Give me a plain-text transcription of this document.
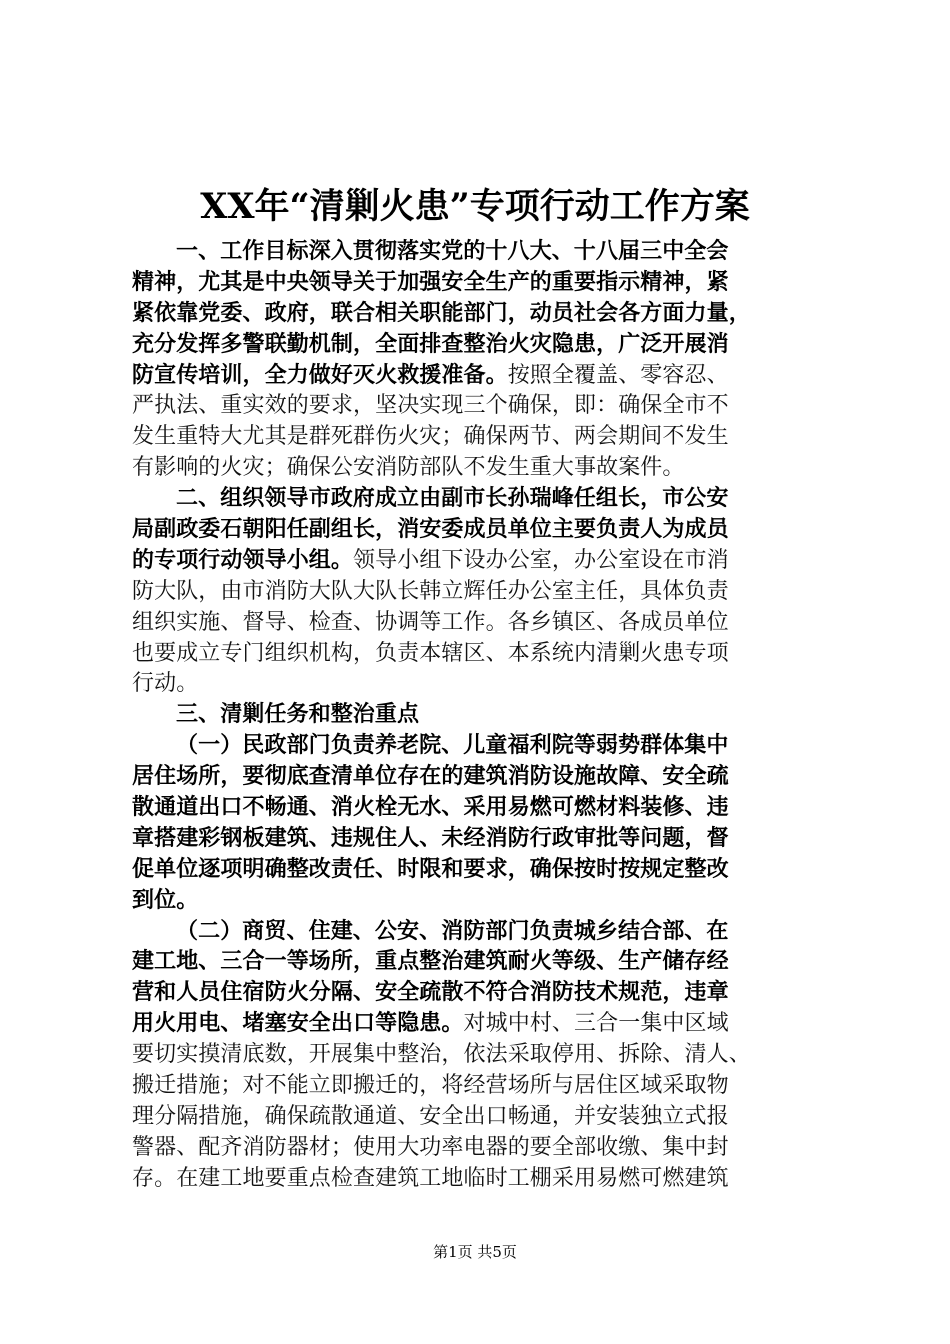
XX年“清剿火患”专项行动工作方案
一、工作目标深入贯彻落实党的十八大、十八届三中全会
精神，尤其是中央领导关于加强安全生产的重要指示精神，紧
紧依靠党委、政府，联合相关职能部门，动员社会各方面力量，
充分发挥多警联勤机制，全面排查整治火灾隐患，广泛开展消
防宣传培训，全力做好灭火救援准备。按照全覆盖、零容忍、
严执法、重实效的要求，坚决实现三个确保，即：确保全市不
发生重特大尤其是群死群伤火灾；确保两节、两会期间不发生
有影响的火灾；确保公安消防部队不发生重大事故案件。
二、组织领导市政府成立由副市长孙瑞峰任组长，市公安
局副政委石朝阳任副组长，消安委成员单位主要负责人为成员
的专项行动领导小组。领导小组下设办公室，办公室设在市消
防大队，由市消防大队大队长韩立辉任办公室主任，具体负责
组织实施、督导、检查、协调等工作。各乡镇区、各成员单位
也要成立专门组织机构，负责本辖区、本系统内清剿火患专项
行动。
三、清剿任务和整治重点
（一）民政部门负责养老院、儿童福利院等弱势群体集中
居住场所，要彻底查清单位存在的建筑消防设施故障、安全疏
散通道出口不畅通、消火栓无水、采用易燃可燃材料装修、违
章搭建彩钢板建筑、违规住人、未经消防行政审批等问题，督
促单位逐项明确整改责任、时限和要求，确保按时按规定整改
到位。
（二）商贸、住建、公安、消防部门负责城乡结合部、在
建工地、三合一等场所，重点整治建筑耐火等级、生产储存经
营和人员住宿防火分隔、安全疏散不符合消防技术规范，违章
用火用电、堵塞安全出口等隐患。对城中村、三合一集中区域
要切实摸清底数，开展集中整治，依法采取停用、拆除、清人、
搬迁措施；对不能立即搬迁的，将经营场所与居住区域采取物
理分隔措施，确保疏散通道、安全出口畅通，并安装独立式报
警器、配齐消防器材；使用大功率电器的要全部收缴、集中封
存。在建工地要重点检查建筑工地临时工棚采用易燃可燃建筑
第1页 共5页
